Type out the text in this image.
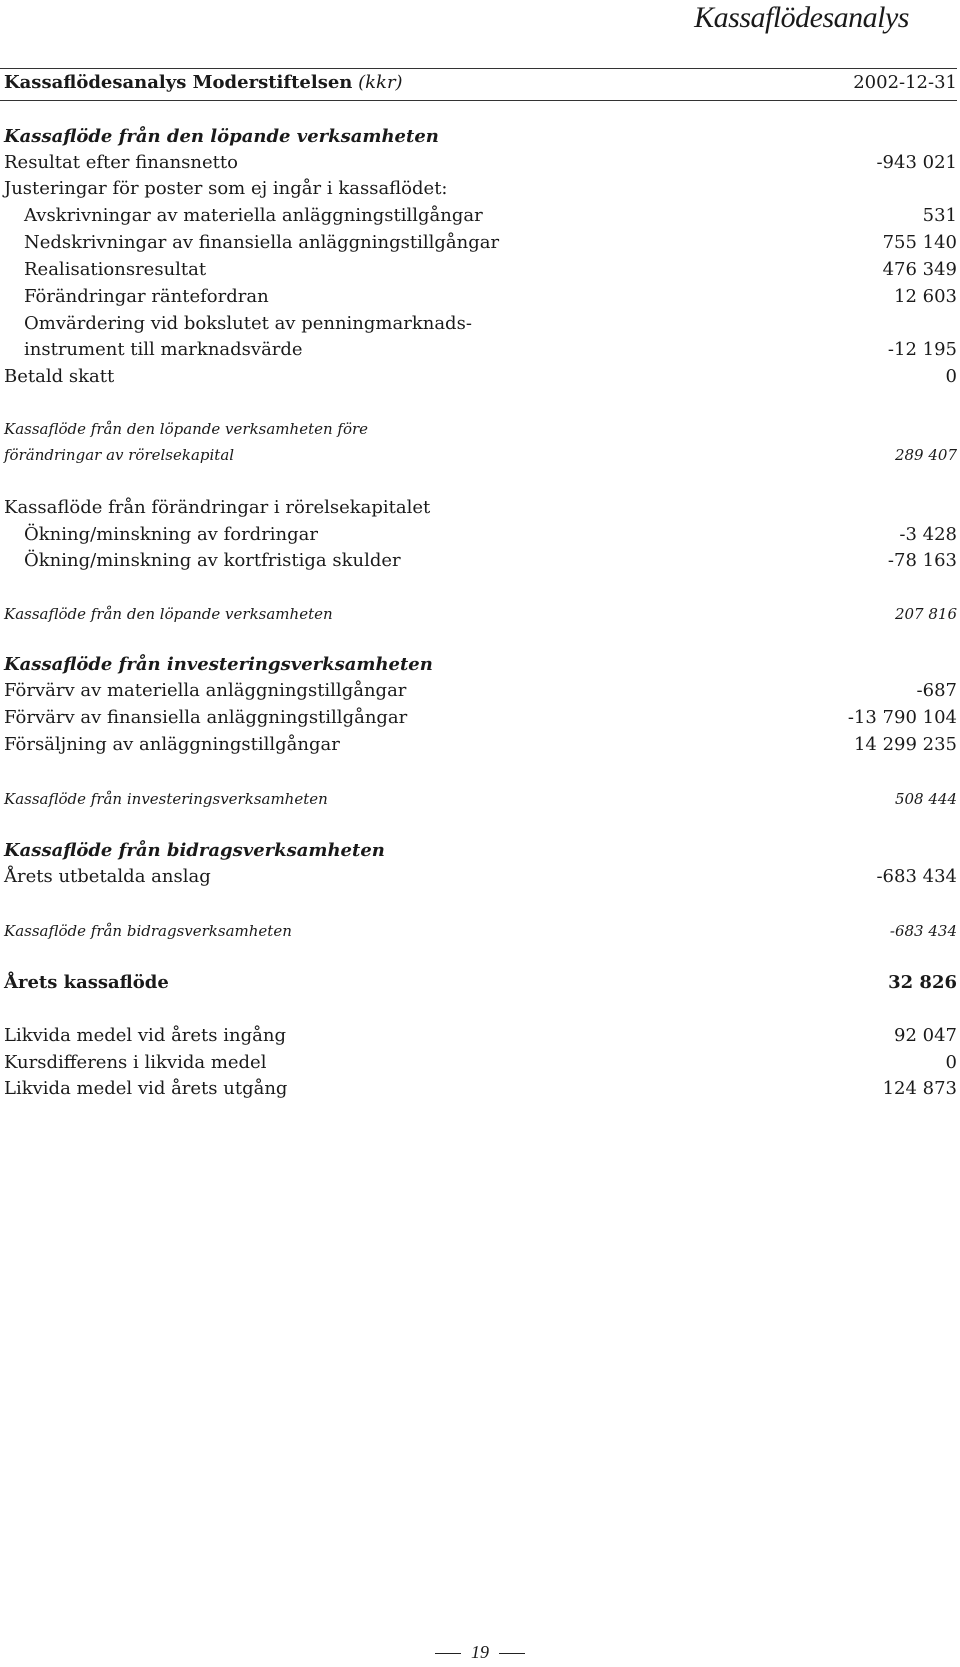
Kassaflödesanalys
Kassaflödesanalys Moderstiftelsen (kkr)	2002-12-31
Kassaflöde från den löpande verksamheten
Resultat efter finansnetto	-943 021
Justeringar för poster som ej ingår i kassaflödet:
Avskrivningar av materiella anläggningstillgångar	531
Nedskrivningar av finansiella anläggningstillgångar	755 140
Realisationsresultat	476 349
Förändringar räntefordran	12 603
Omvärdering vid bokslutet av penningmarknads-
instrument till marknadsvärde	-12 195
Betald skatt	0
Kassaflöde från den löpande verksamheten före
förändringar av rörelsekapital	289 407
Kassaflöde från förändringar i rörelsekapitalet
Ökning/minskning av fordringar	-3 428
Ökning/minskning av kortfristiga skulder	-78 163
Kassaflöde från den löpande verksamheten	207 816
Kassaflöde från investeringsverksamheten
Förvärv av materiella anläggningstillgångar	-687
Förvärv av finansiella anläggningstillgångar	-13 790 104
Försäljning av anläggningstillgångar	14 299 235
Kassaflöde från investeringsverksamheten	508 444
Kassaflöde från bidragsverksamheten
Årets utbetalda anslag	-683 434
Kassaflöde från bidragsverksamheten	-683 434
Årets kassaflöde	32 826
Likvida medel vid årets ingång	92 047
Kursdifferens i likvida medel	0
Likvida medel vid årets utgång	124 873
19
